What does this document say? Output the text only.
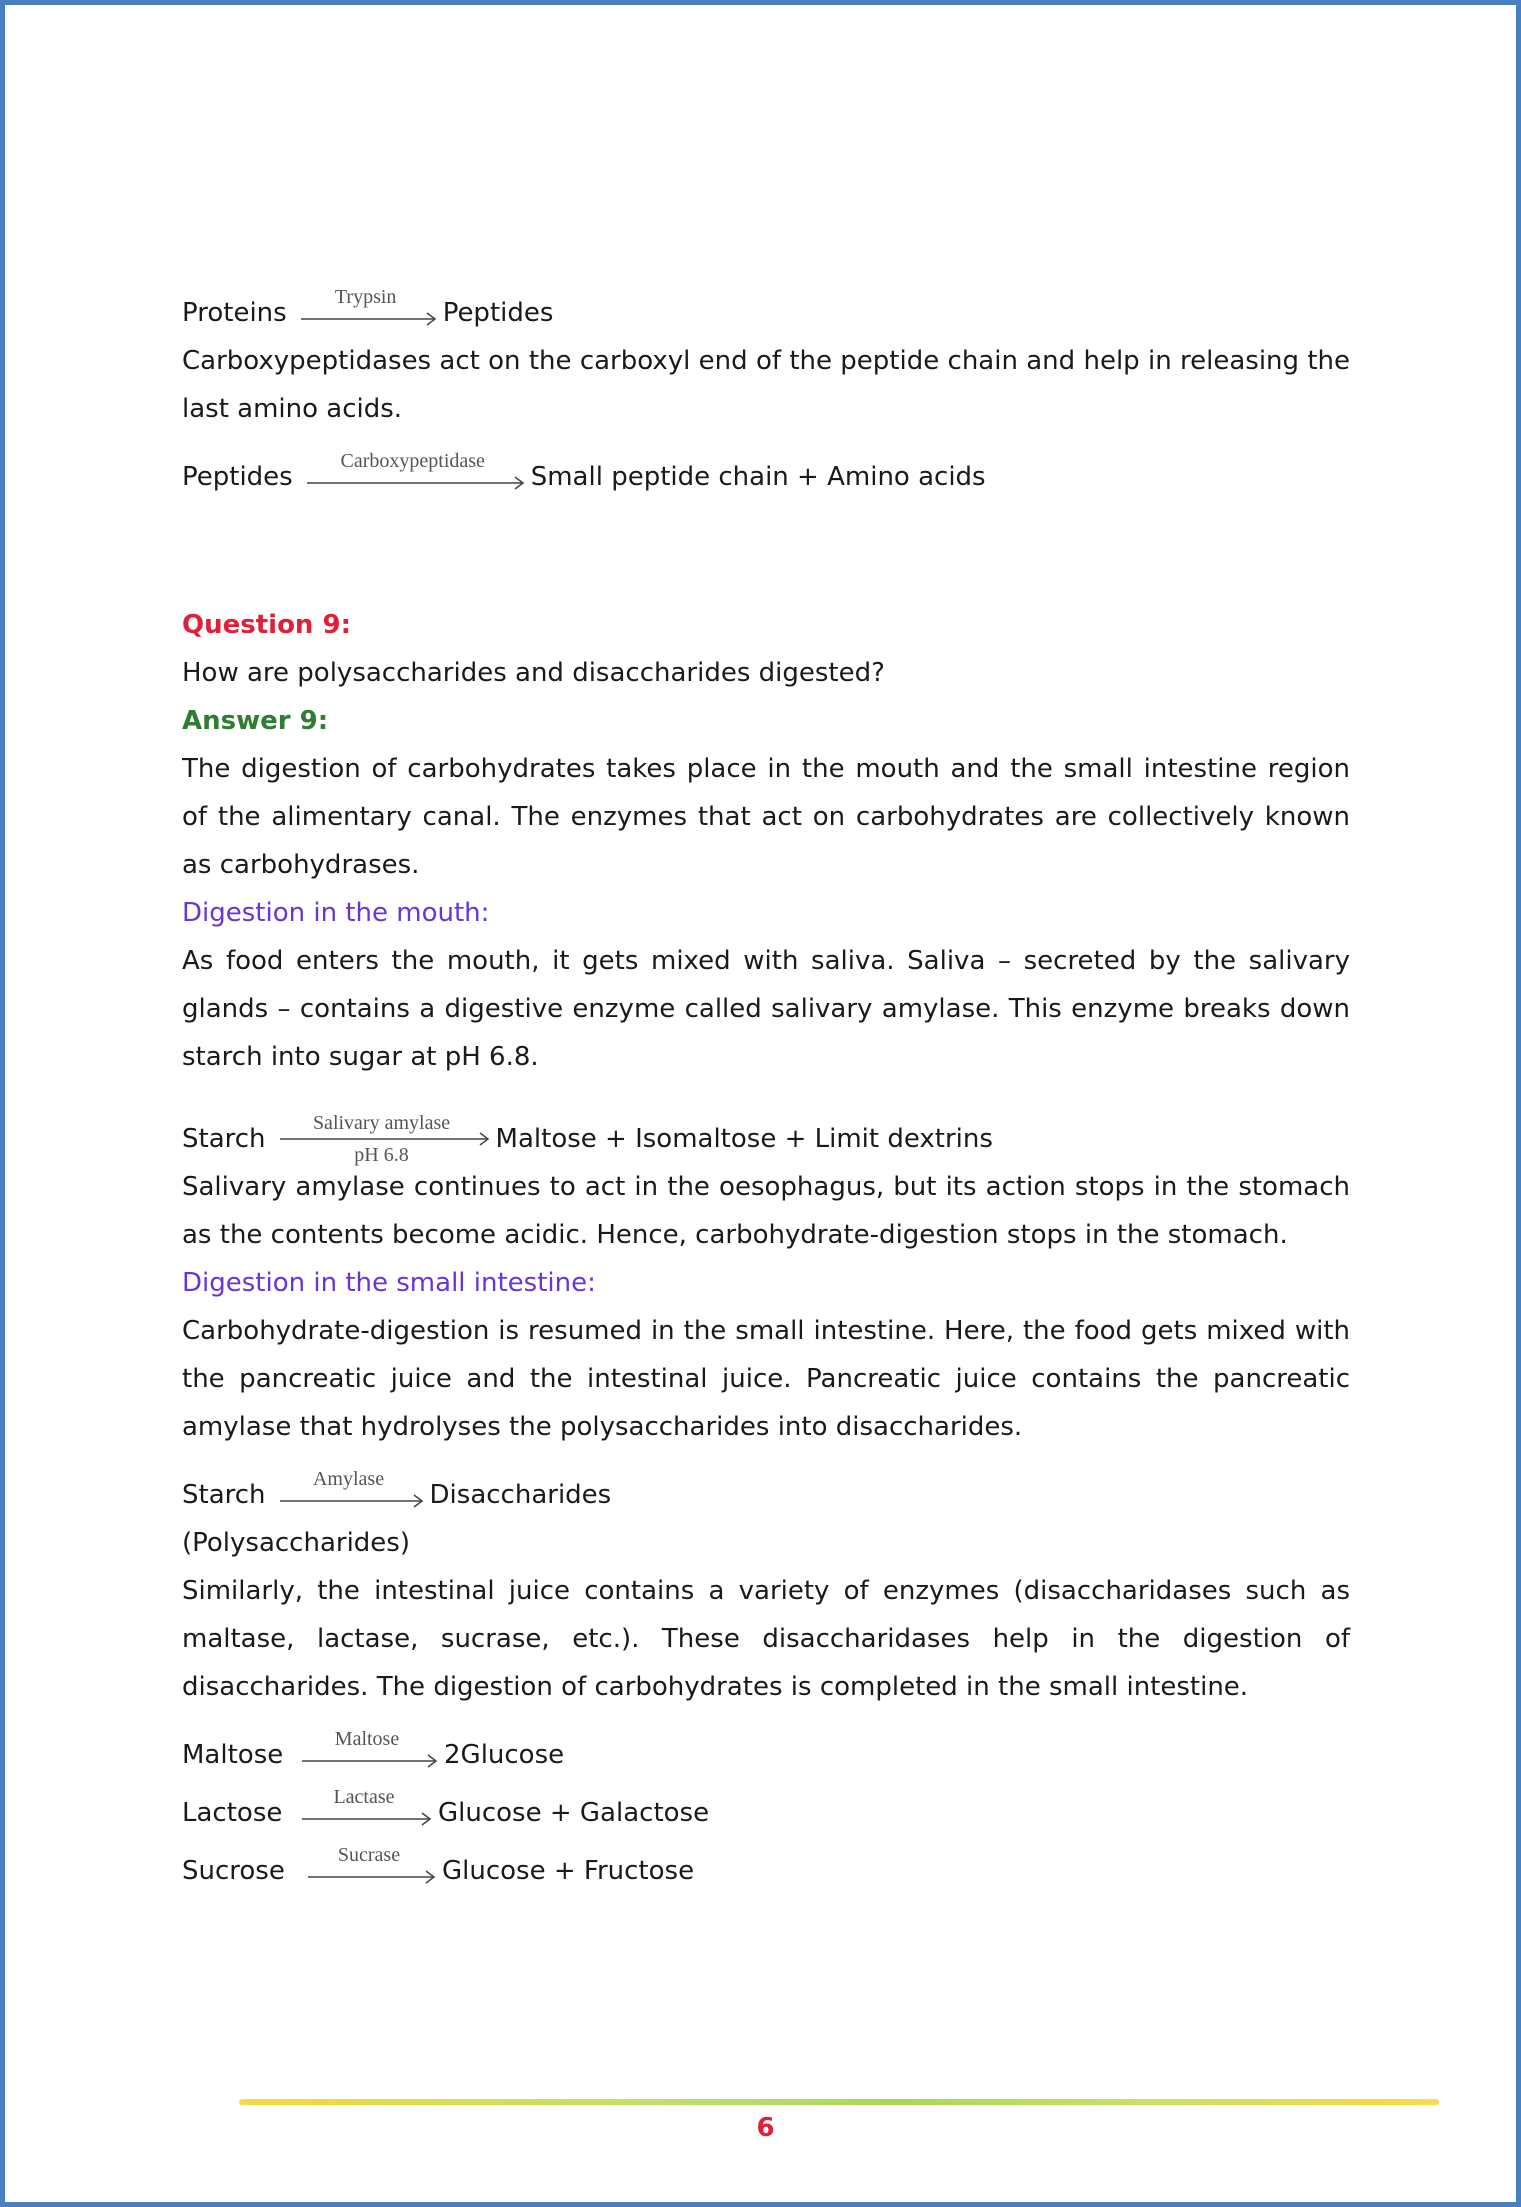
Proteins
Trypsin
Peptides

Carboxypeptidases act on the carboxyl end of the peptide chain and help in releasing the last amino acids.

Peptides
Carboxypeptidase
Small peptide chain + Amino acids

Question 9:

How are polysaccharides and disaccharides digested?

Answer 9:

The digestion of carbohydrates takes place in the mouth and the small intestine region of the alimentary canal. The enzymes that act on carbohydrates are collectively known as carbohydrases.

Digestion in the mouth:

As food enters the mouth, it gets mixed with saliva. Saliva – secreted by the salivary glands – contains a digestive enzyme called salivary amylase. This enzyme breaks down starch into sugar at pH 6.8.

Starch
Salivary amylase
pH 6.8
Maltose + Isomaltose + Limit dextrins

Salivary amylase continues to act in the oesophagus, but its action stops in the stomach as the contents become acidic. Hence, carbohydrate-digestion stops in the stomach.

Digestion in the small intestine:

Carbohydrate-digestion is resumed in the small intestine. Here, the food gets mixed with the pancreatic juice and the intestinal juice. Pancreatic juice contains the pancreatic amylase that hydrolyses the polysaccharides into disaccharides.

Starch
Amylase
Disaccharides

(Polysaccharides)

Similarly, the intestinal juice contains a variety of enzymes (disaccharidases such as maltase, lactase, sucrase, etc.). These disaccharidases help in the digestion of disaccharides. The digestion of carbohydrates is completed in the small intestine.

Maltose
Maltose
2Glucose
Lactose
Lactase
Glucose + Galactose
Sucrose
Sucrase
Glucose + Fructose
6
